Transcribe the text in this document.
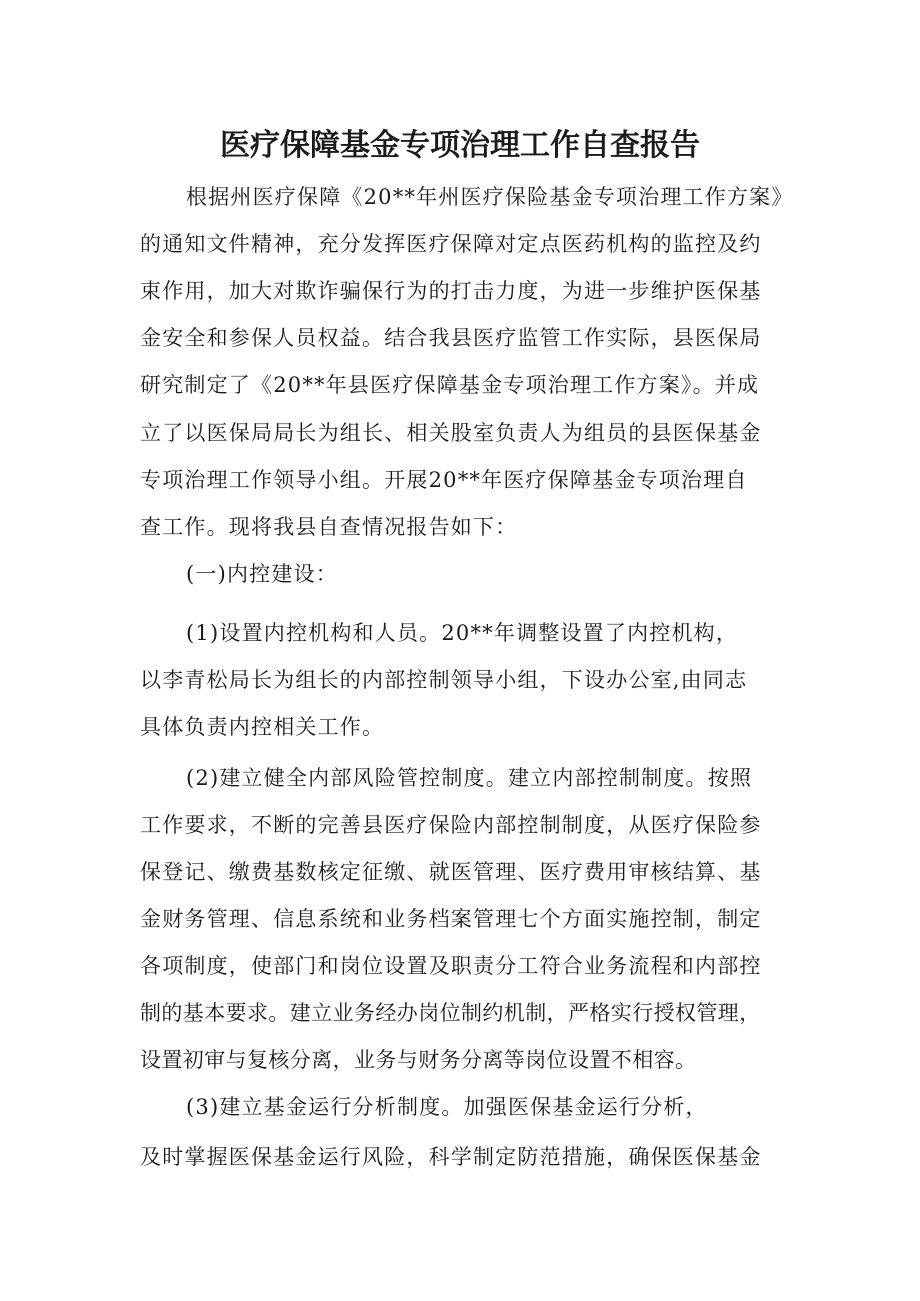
医疗保障基金专项治理工作自查报告

根据州医疗保障《20**年州医疗保险基金专项治理工作方案》

的通知文件精神，充分发挥医疗保障对定点医药机构的监控及约

束作用，加大对欺诈骗保行为的打击力度，为进一步维护医保基

金安全和参保人员权益。结合我县医疗监管工作实际，县医保局

研究制定了《20**年县医疗保障基金专项治理工作方案》。并成

立了以医保局局长为组长、相关股室负责人为组员的县医保基金

专项治理工作领导小组。开展20**年医疗保障基金专项治理自

查工作。现将我县自查情况报告如下：

(一)内控建设：

(1)设置内控机构和人员。20**年调整设置了内控机构，

以李青松局长为组长的内部控制领导小组，下设办公室,由同志

具体负责内控相关工作。

(2)建立健全内部风险管控制度。建立内部控制制度。按照

工作要求，不断的完善县医疗保险内部控制制度，从医疗保险参

保登记、缴费基数核定征缴、就医管理、医疗费用审核结算、基

金财务管理、信息系统和业务档案管理七个方面实施控制，制定

各项制度，使部门和岗位设置及职责分工符合业务流程和内部控

制的基本要求。建立业务经办岗位制约机制，严格实行授权管理，

设置初审与复核分离，业务与财务分离等岗位设置不相容。

(3)建立基金运行分析制度。加强医保基金运行分析，

及时掌握医保基金运行风险，科学制定防范措施，确保医保基金
